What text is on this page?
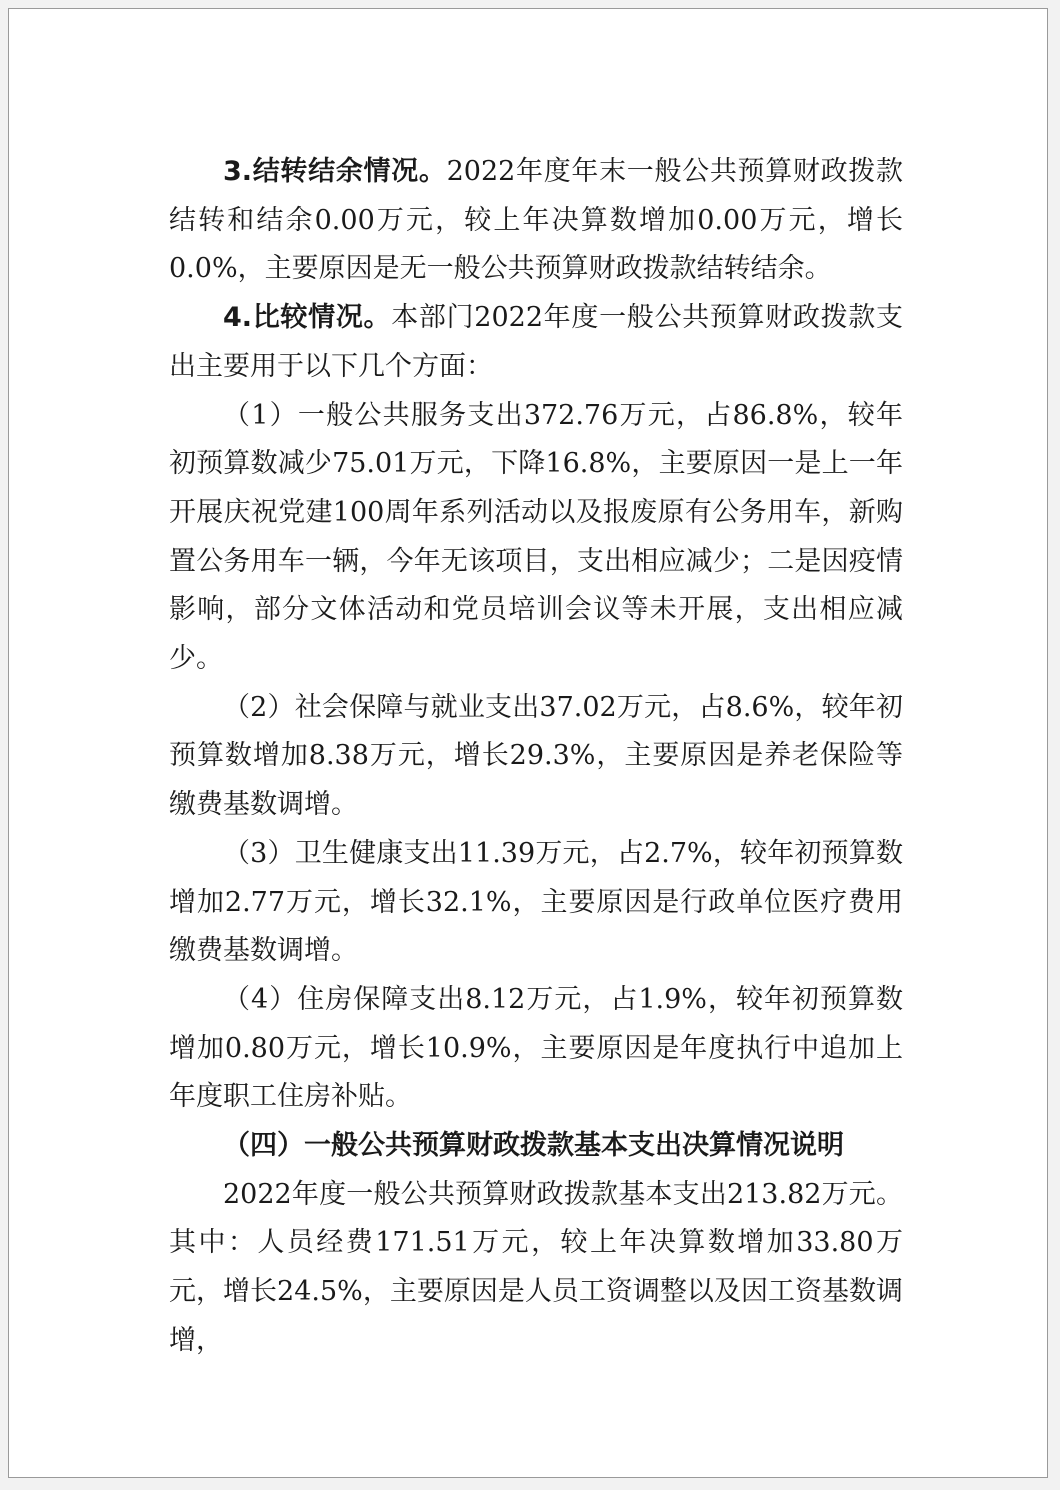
3.结转结余情况。2022年度年末一般公共预算财政拨款结转和结余0.00万元，较上年决算数增加0.00万元，增长0.0%，主要原因是无一般公共预算财政拨款结转结余。

4.比较情况。本部门2022年度一般公共预算财政拨款支出主要用于以下几个方面：

（1）一般公共服务支出372.76万元，占86.8%，较年初预算数减少75.01万元，下降16.8%，主要原因一是上一年开展庆祝党建100周年系列活动以及报废原有公务用车，新购置公务用车一辆，今年无该项目，支出相应减少；二是因疫情影响，部分文体活动和党员培训会议等未开展，支出相应减少。

（2）社会保障与就业支出37.02万元，占8.6%，较年初预算数增加8.38万元，增长29.3%，主要原因是养老保险等缴费基数调增。

（3）卫生健康支出11.39万元，占2.7%，较年初预算数增加2.77万元，增长32.1%，主要原因是行政单位医疗费用缴费基数调增。

（4）住房保障支出8.12万元，占1.9%，较年初预算数增加0.80万元，增长10.9%，主要原因是年度执行中追加上年度职工住房补贴。

（四）一般公共预算财政拨款基本支出决算情况说明

2022年度一般公共预算财政拨款基本支出213.82万元。其中：人员经费171.51万元，较上年决算数增加33.80万元，增长24.5%，主要原因是人员工资调整以及因工资基数调增，
